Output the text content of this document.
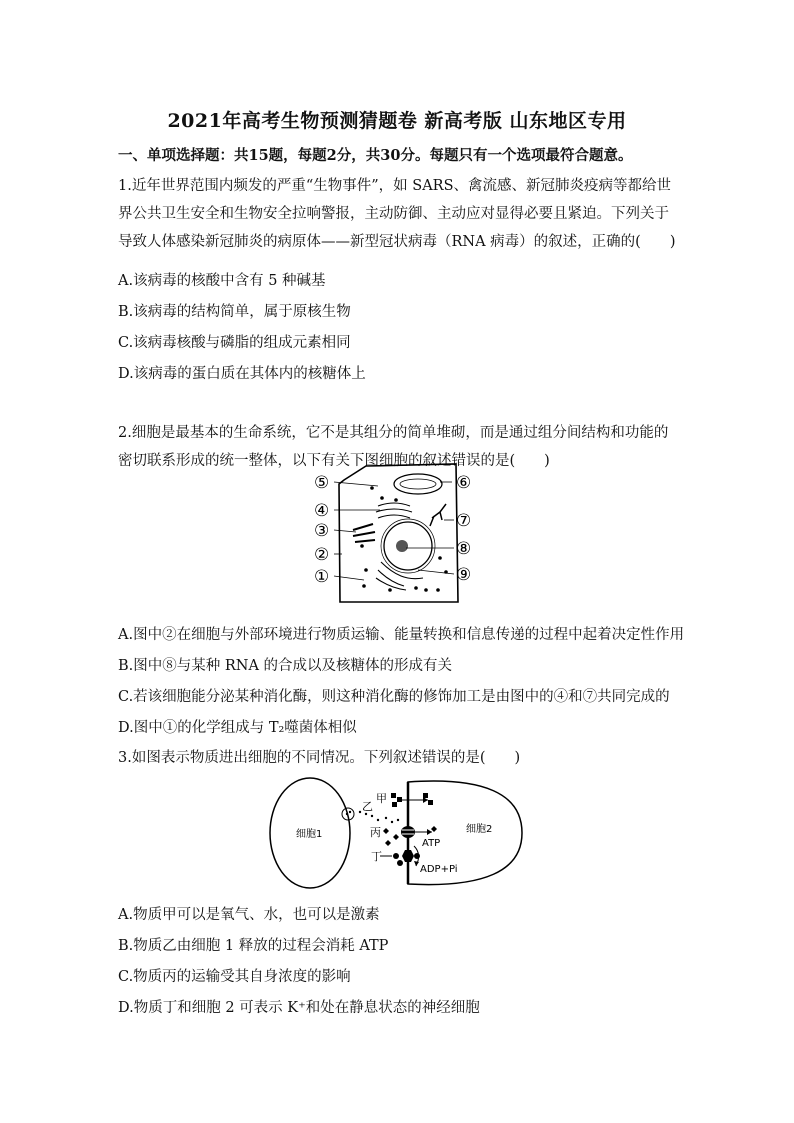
2021年高考生物预测猜题卷 新高考版 山东地区专用
一、单项选择题：共15题，每题2分，共30分。每题只有一个选项最符合题意。
1.近年世界范围内频发的严重“生物事件”，如 SARS、禽流感、新冠肺炎疫病等都给世界公共卫生安全和生物安全拉响警报，主动防御、主动应对显得必要且紧迫。下列关于导致人体感染新冠肺炎的病原体——新型冠状病毒（RNA 病毒）的叙述，正确的(　　)
A.该病毒的核酸中含有 5 种碱基
B.该病毒的结构简单，属于原核生物
C.该病毒核酸与磷脂的组成元素相同
D.该病毒的蛋白质在其体内的核糖体上
2.细胞是最基本的生命系统，它不是其组分的简单堆砌，而是通过组分间结构和功能的密切联系形成的统一整体，以下有关下图细胞的叙述错误的是(　　)
⑤
④
③
②
①
⑥
⑦
⑧
⑨
A.图中②在细胞与外部环境进行物质运输、能量转换和信息传递的过程中起着决定性作用
B.图中⑧与某种 RNA 的合成以及核糖体的形成有关
C.若该细胞能分泌某种消化酶，则这种消化酶的修饰加工是由图中的④和⑦共同完成的
D.图中①的化学组成与 T₂噬菌体相似
3.如图表示物质进出细胞的不同情况。下列叙述错误的是(　　)
细胞1	细胞2
甲
乙
丙
丁
ATP
ADP+Pi
A.物质甲可以是氧气、水，也可以是激素
B.物质乙由细胞 1 释放的过程会消耗 ATP
C.物质丙的运输受其自身浓度的影响
D.物质丁和细胞 2 可表示 K⁺和处在静息状态的神经细胞
